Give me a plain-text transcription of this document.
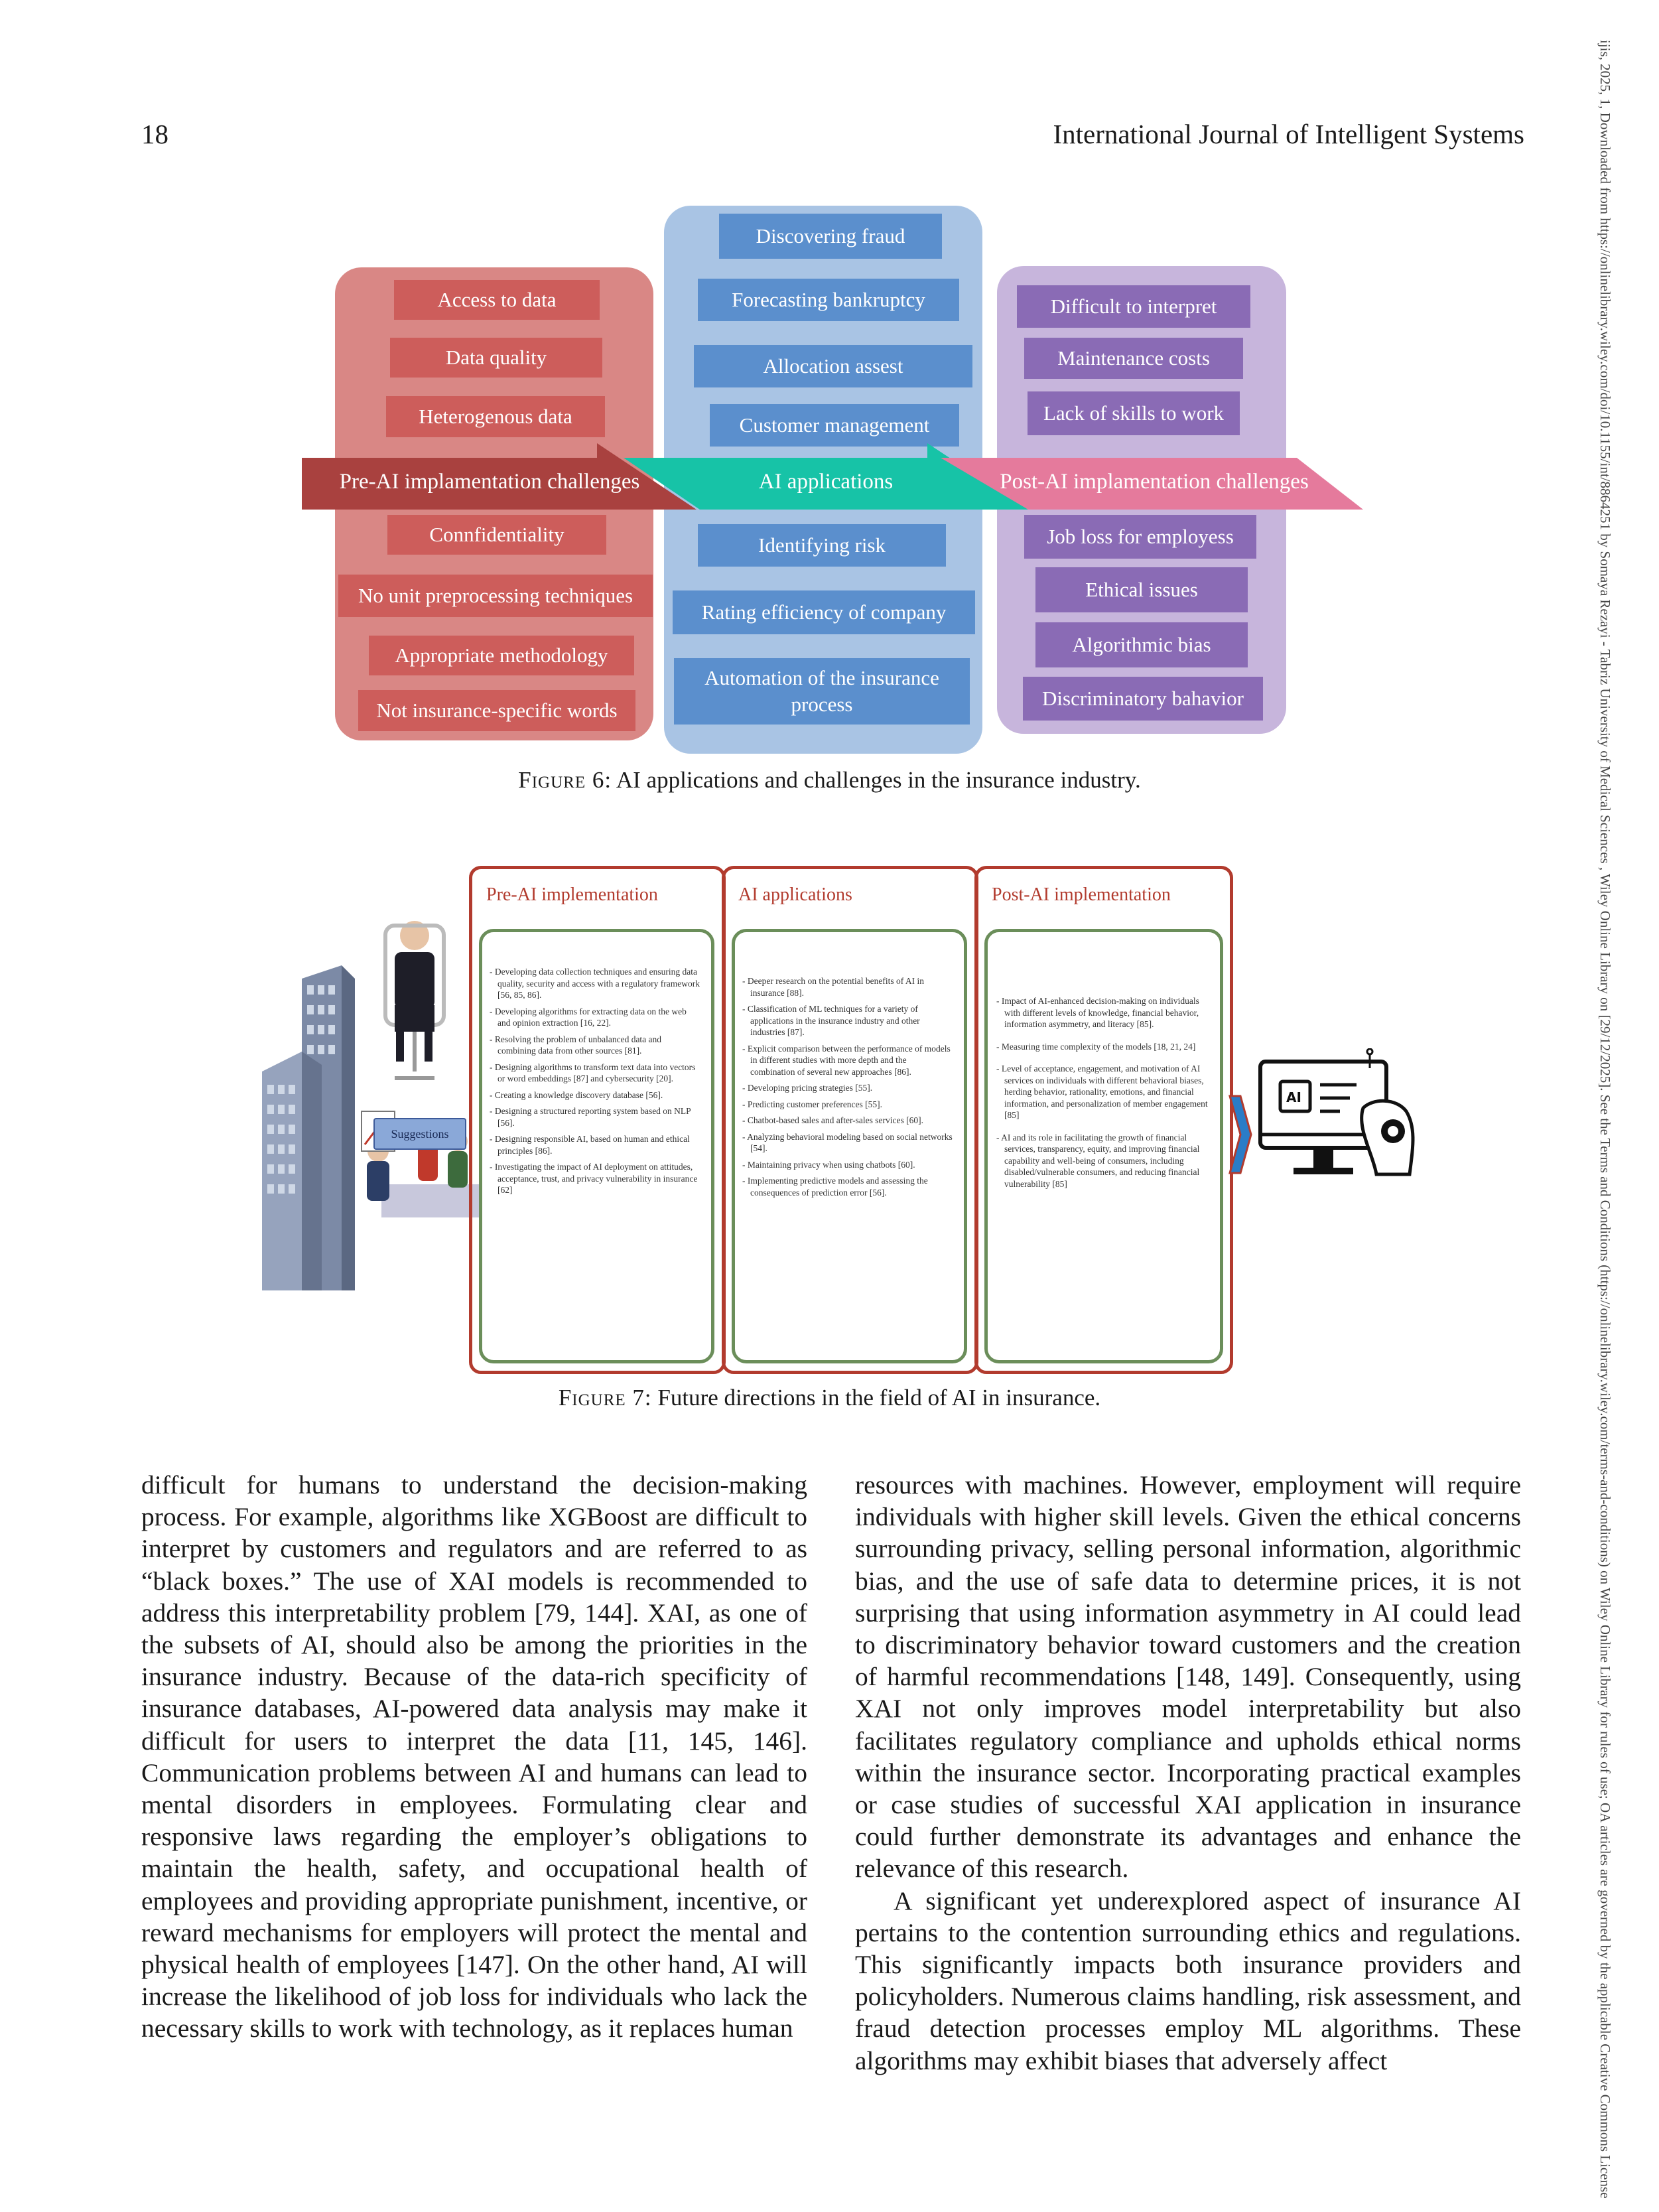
18	International Journal of Intelligent Systems	ijis, 2025, 1, Downloaded from https://onlinelibrary.wiley.com/doi/10.1155/int/8864251 by Somaya Rezayi - Tabriz University of Medical Sciences , Wiley Online Library on [29/12/2025]. See the Terms and Conditions (https://onlinelibrary.wiley.com/terms-and-conditions) on Wiley Online Library for rules of use; OA articles are governed by the applicable Creative Commons License
Access to data
Data quality
Heterogenous data
Discovering fraud
Forecasting bankruptcy
Allocation assest
Customer management
Difficult to interpret
Maintenance costs
Lack of skills to work
Pre-AI implamentation challenges	AI applications	Post-AI implamentation challenges
Connfidentiality
No unit preprocessing techniques
Appropriate methodology
Not insurance-specific words
Identifying risk
Rating efficiency of company
Automation of the insurance process
Job loss for employess
Ethical issues
Algorithmic bias
Discriminatory bahavior
Figure 6: AI applications and challenges in the insurance industry.
Suggestions
Pre-AI implementation	AI applications	Post-AI implementation
- Developing data collection techniques and ensuring data quality, security and access with a regulatory framework [56, 85, 86].
- Developing algorithms for extracting data on the web and opinion extraction [16, 22].
- Resolving the problem of unbalanced data and combining data from other sources [81].
- Designing algorithms to transform text data into vectors or word embeddings [87] and cybersecurity [20].
- Creating a knowledge discovery database [56].
- Designing a structured reporting system based on NLP [56].
- Designing responsible AI, based on human and ethical principles [86].
- Investigating the impact of AI deployment on attitudes, acceptance, trust, and privacy vulnerability in insurance [62]
- Deeper research on the potential benefits of AI in insurance [88].
- Classification of ML techniques for a variety of applications in the insurance industry and other industries [87].
- Explicit comparison between the performance of models in different studies with more depth and the combination of several new approaches [86].
- Developing pricing strategies [55].
- Predicting customer preferences [55].
- Chatbot-based sales and after-sales services [60].
- Analyzing behavioral modeling based on social networks [54].
- Maintaining privacy when using chatbots [60].
- Implementing predictive models and assessing the consequences of prediction error [56].
- Impact of AI-enhanced decision-making on individuals with different levels of knowledge, financial behavior, information asymmetry, and literacy [85].
- Measuring time complexity of the models [18, 21, 24]
- Level of acceptance, engagement, and motivation of AI services on individuals with different behavioral biases, herding behavior, rationality, emotions, and financial information, and personalization of member engagement [85]
- AI and its role in facilitating the growth of financial services, transparency, equity, and improving financial capability and well-being of consumers, including disabled/vulnerable consumers, and reducing financial vulnerability [85]
AI
Figure 7: Future directions in the field of AI in insurance.

difficult for humans to understand the decision-making process. For example, algorithms like XGBoost are difficult to interpret by customers and regulators and are referred to as “black boxes.” The use of XAI models is recommended to address this interpretability problem [79, 144]. XAI, as one of the subsets of AI, should also be among the priorities in the insurance industry. Because of the data-rich specificity of insurance databases, AI-powered data analysis may make it difficult for users to interpret the data [11, 145, 146]. Communication problems between AI and humans can lead to mental disorders in employees. Formulating clear and responsive laws regarding the employer’s obligations to maintain the health, safety, and occupational health of employees and providing appropriate punishment, incentive, or reward mechanisms for employers will protect the mental and physical health of employees [147]. On the other hand, AI will increase the likelihood of job loss for individuals who lack the necessary skills to work with technology, as it replaces human

resources with machines. However, employment will require individuals with higher skill levels. Given the ethical concerns surrounding privacy, selling personal information, algorithmic bias, and the use of safe data to determine prices, it is not surprising that using information asymmetry in AI could lead to discriminatory behavior toward customers and the creation of harmful recommendations [148, 149]. Consequently, using XAI not only improves model interpretability but also facilitates regulatory compliance and upholds ethical norms within the insurance sector. Incorporating practical examples or case studies of successful XAI application in insurance could further demonstrate its advantages and enhance the relevance of this research.

A significant yet underexplored aspect of insurance AI pertains to the contention surrounding ethics and regulations. This significantly impacts both insurance providers and policyholders. Numerous claims handling, risk assessment, and fraud detection processes employ ML algorithms. These algorithms may exhibit biases that adversely affect
